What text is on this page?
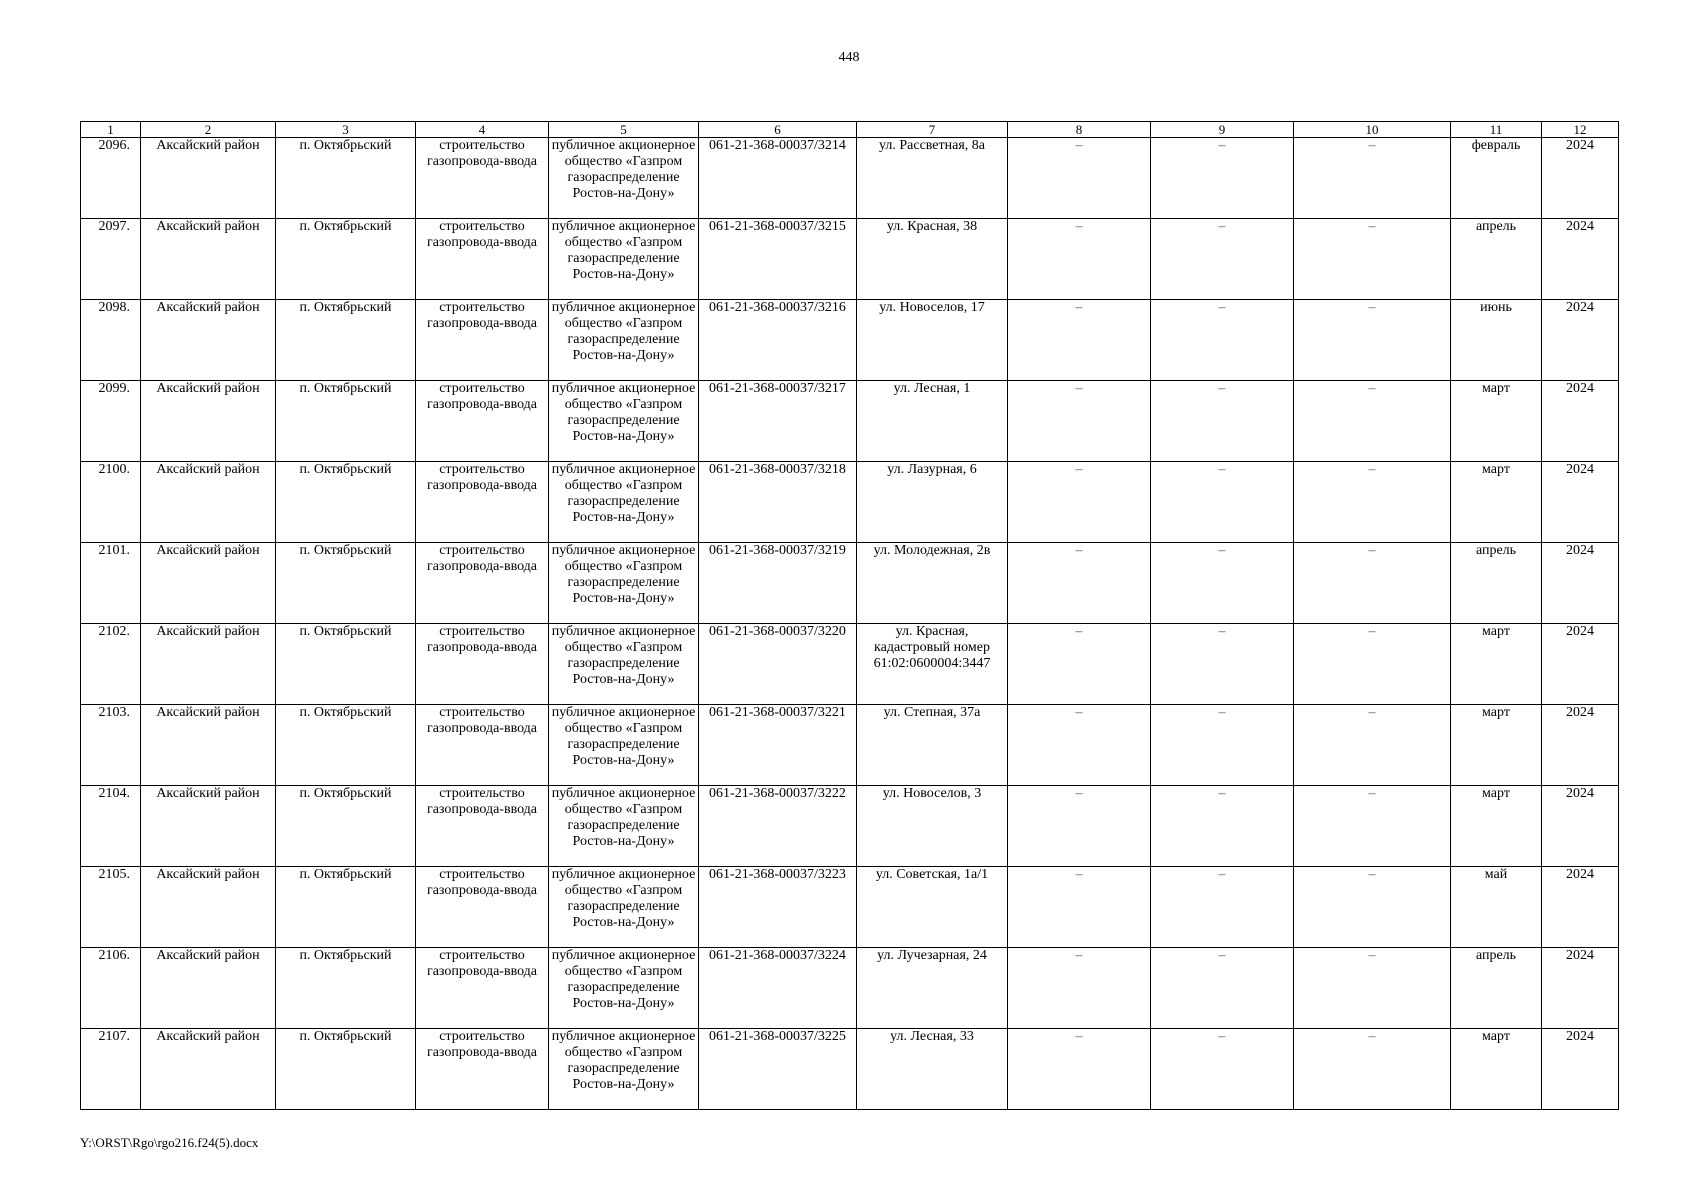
448
1	2	3	4	5	6	7	8	9	10	11	12
2096.	Аксайский район	п. Октябрьский	строительство газопровода-ввода	публичное акционерное общество «Газпром газораспределение Ростов-на-Дону»	061-21-368-00037/3214	ул. Рассветная, 8а	–	–	–	февраль	2024
2097.	Аксайский район	п. Октябрьский	строительство газопровода-ввода	публичное акционерное общество «Газпром газораспределение Ростов-на-Дону»	061-21-368-00037/3215	ул. Красная, 38	–	–	–	апрель	2024
2098.	Аксайский район	п. Октябрьский	строительство газопровода-ввода	публичное акционерное общество «Газпром газораспределение Ростов-на-Дону»	061-21-368-00037/3216	ул. Новоселов, 17	–	–	–	июнь	2024
2099.	Аксайский район	п. Октябрьский	строительство газопровода-ввода	публичное акционерное общество «Газпром газораспределение Ростов-на-Дону»	061-21-368-00037/3217	ул. Лесная, 1	–	–	–	март	2024
2100.	Аксайский район	п. Октябрьский	строительство газопровода-ввода	публичное акционерное общество «Газпром газораспределение Ростов-на-Дону»	061-21-368-00037/3218	ул. Лазурная, 6	–	–	–	март	2024
2101.	Аксайский район	п. Октябрьский	строительство газопровода-ввода	публичное акционерное общество «Газпром газораспределение Ростов-на-Дону»	061-21-368-00037/3219	ул. Молодежная, 2в	–	–	–	апрель	2024
2102.	Аксайский район	п. Октябрьский	строительство газопровода-ввода	публичное акционерное общество «Газпром газораспределение Ростов-на-Дону»	061-21-368-00037/3220	ул. Красная, кадастровый номер 61:02:0600004:3447	–	–	–	март	2024
2103.	Аксайский район	п. Октябрьский	строительство газопровода-ввода	публичное акционерное общество «Газпром газораспределение Ростов-на-Дону»	061-21-368-00037/3221	ул. Степная, 37а	–	–	–	март	2024
2104.	Аксайский район	п. Октябрьский	строительство газопровода-ввода	публичное акционерное общество «Газпром газораспределение Ростов-на-Дону»	061-21-368-00037/3222	ул. Новоселов, 3	–	–	–	март	2024
2105.	Аксайский район	п. Октябрьский	строительство газопровода-ввода	публичное акционерное общество «Газпром газораспределение Ростов-на-Дону»	061-21-368-00037/3223	ул. Советская, 1а/1	–	–	–	май	2024
2106.	Аксайский район	п. Октябрьский	строительство газопровода-ввода	публичное акционерное общество «Газпром газораспределение Ростов-на-Дону»	061-21-368-00037/3224	ул. Лучезарная, 24	–	–	–	апрель	2024
2107.	Аксайский район	п. Октябрьский	строительство газопровода-ввода	публичное акционерное общество «Газпром газораспределение Ростов-на-Дону»	061-21-368-00037/3225	ул. Лесная, 33	–	–	–	март	2024
Y:\ORST\Rgo\rgo216.f24(5).docx
